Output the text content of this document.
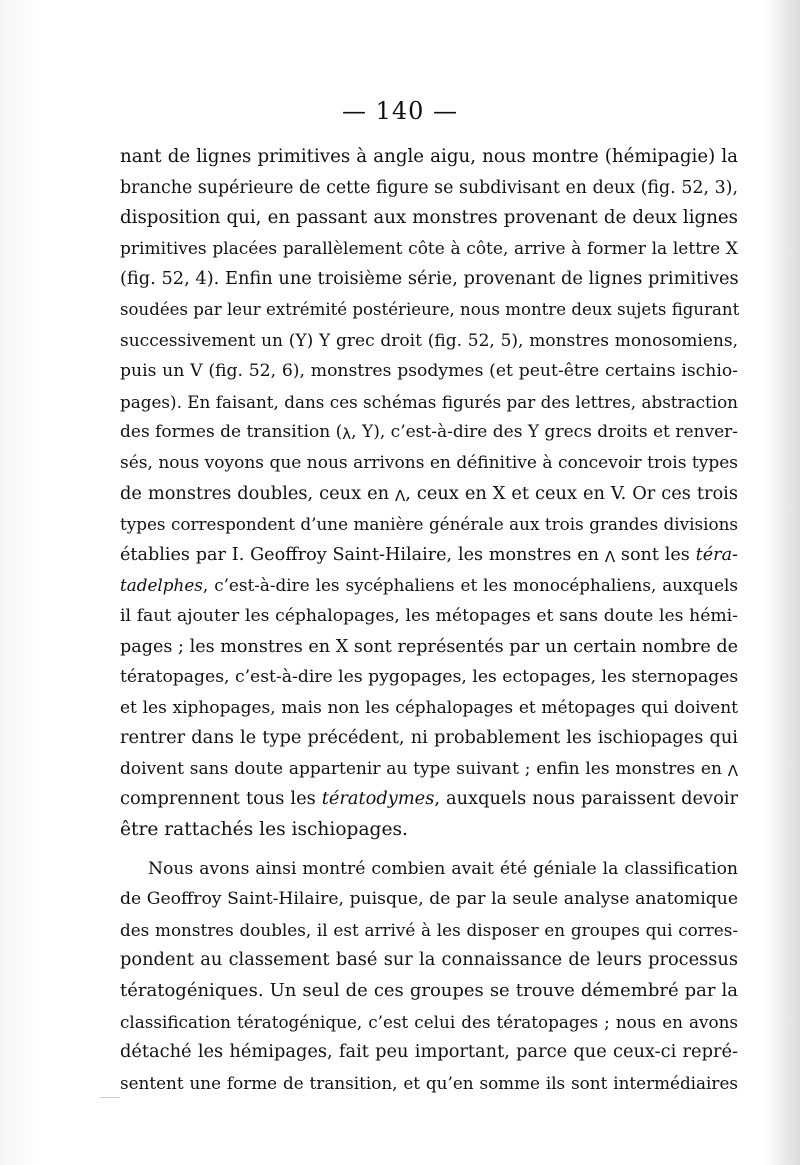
— 140 —

nant de lignes primitives à angle aigu, nous montre (hémipagie) la
branche supérieure de cette figure se subdivisant en deux (fig. 52, 3),
disposition qui, en passant aux monstres provenant de deux lignes
primitives placées parallèlement côte à côte, arrive à former la lettre X
(fig. 52, 4). Enfin une troisième série, provenant de lignes primitives
soudées par leur extrémité postérieure, nous montre deux sujets figurant
successivement un (Y) Y grec droit (fig. 52, 5), monstres monosomiens,
puis un V (fig. 52, 6), monstres psodymes (et peut-être certains ischio-
pages). En faisant, dans ces schémas figurés par des lettres, abstraction
des formes de transition (λ, Y), c’est-à-dire des Y grecs droits et renver-
sés, nous voyons que nous arrivons en définitive à concevoir trois types
de monstres doubles, ceux en Λ, ceux en X et ceux en V. Or ces trois
types correspondent d’une manière générale aux trois grandes divisions
établies par I. Geoffroy Saint-Hilaire, les monstres en Λ sont les téra-
tadelphes, c’est-à-dire les sycéphaliens et les monocéphaliens, auxquels
il faut ajouter les céphalopages, les métopages et sans doute les hémi-
pages ; les monstres en X sont représentés par un certain nombre de
tératopages, c’est-à-dire les pygopages, les ectopages, les sternopages
et les xiphopages, mais non les céphalopages et métopages qui doivent
rentrer dans le type précédent, ni probablement les ischiopages qui
doivent sans doute appartenir au type suivant ; enfin les monstres en Λ
comprennent tous les tératodymes, auxquels nous paraissent devoir
être rattachés les ischiopages.

Nous avons ainsi montré combien avait été géniale la classification
de Geoffroy Saint-Hilaire, puisque, de par la seule analyse anatomique
des monstres doubles, il est arrivé à les disposer en groupes qui corres-
pondent au classement basé sur la connaissance de leurs processus
tératogéniques. Un seul de ces groupes se trouve démembré par la
classification tératogénique, c’est celui des tératopages ; nous en avons
détaché les hémipages, fait peu important, parce que ceux-ci repré-
sentent une forme de transition, et qu’en somme ils sont intermédiaires
